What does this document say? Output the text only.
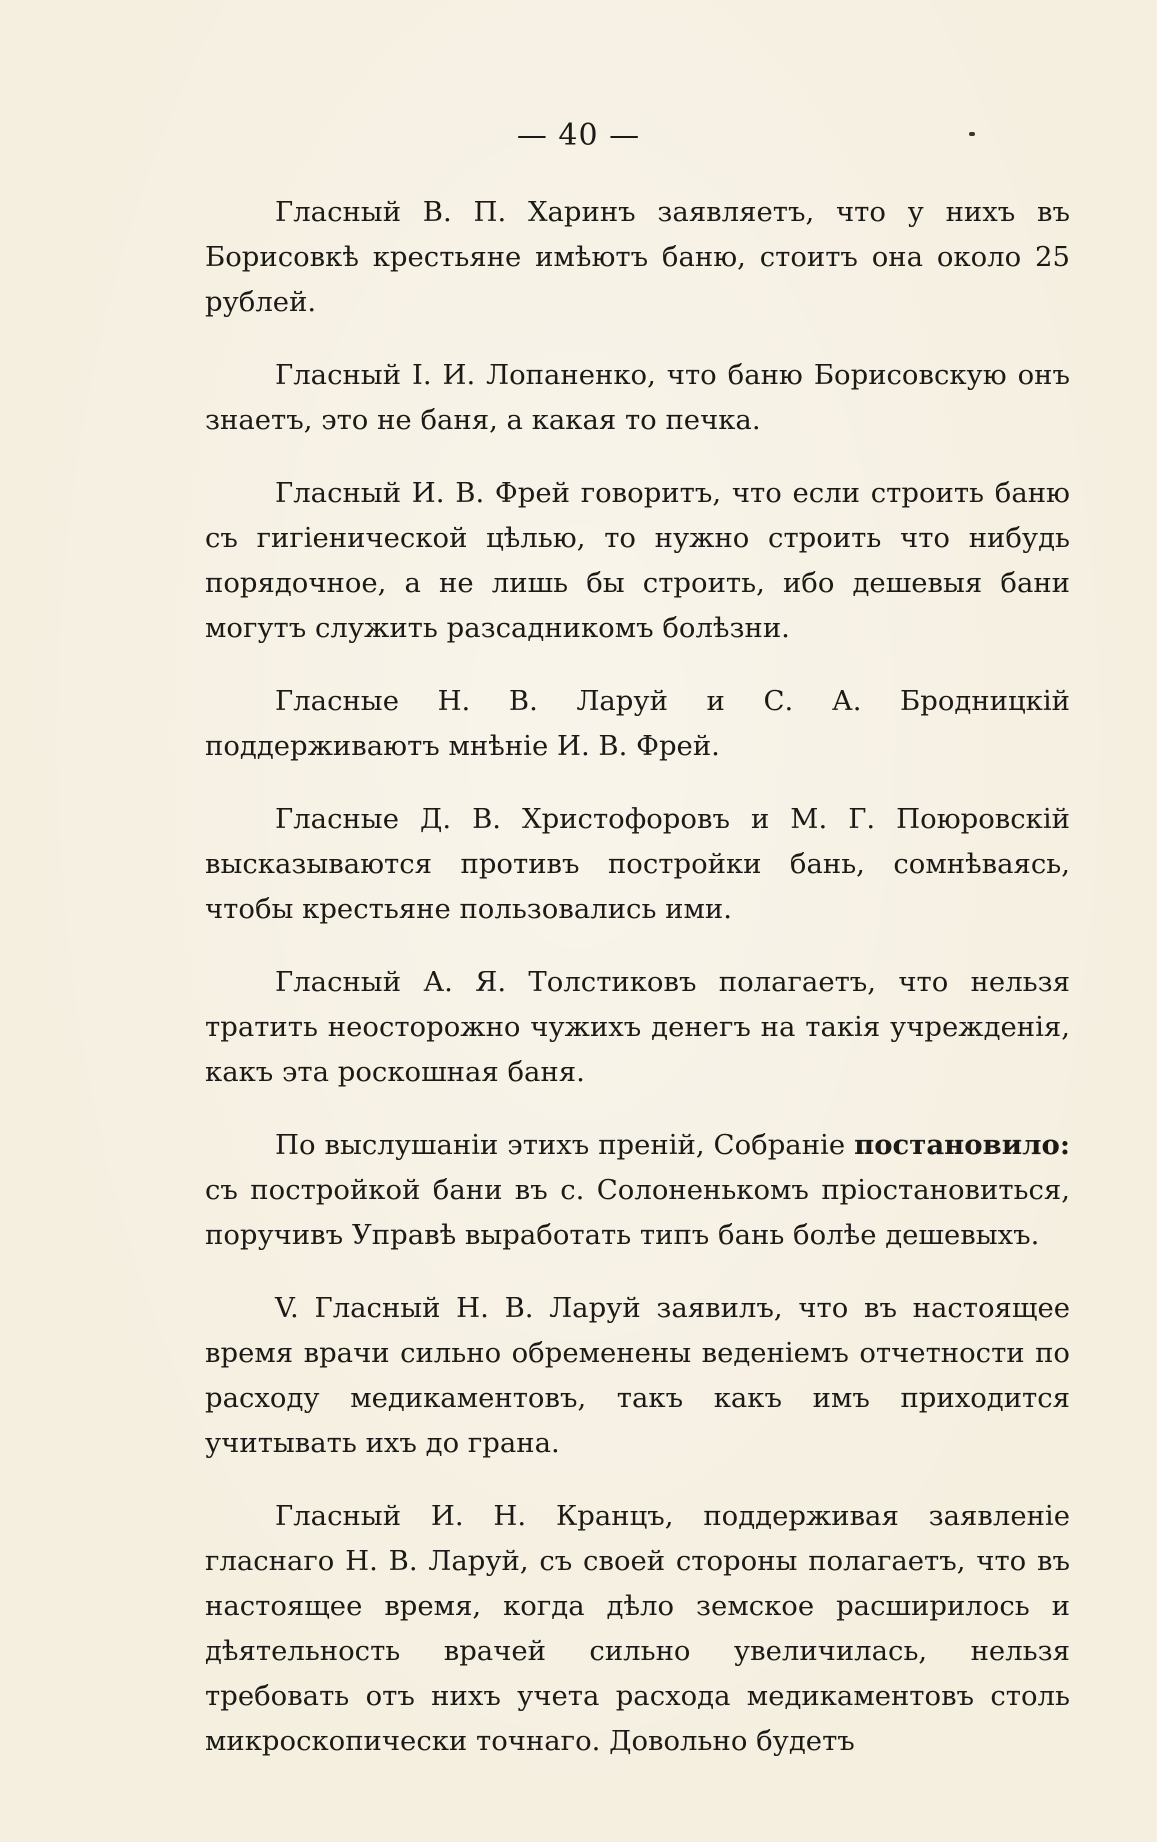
— 40 —

Гласный В. П. Харинъ заявляетъ, что у нихъ въ Борисовкѣ крестьяне имѣютъ баню, стоитъ она около 25 рублей.

Гласный І. И. Лопаненко, что баню Борисовскую онъ знаетъ, это не баня, а какая то печка.

Гласный И. В. Фрей говоритъ, что если строить баню съ гигіенической цѣлью, то нужно строить что нибудь порядочное, а не лишь бы строить, ибо дешевыя бани могутъ служить разсадникомъ болѣзни.

Гласные Н. В. Ларуй и С. А. Бродницкій поддерживаютъ мнѣніе И. В. Фрей.

Гласные Д. В. Христофоровъ и М. Г. Поюровскій высказываются противъ постройки бань, сомнѣваясь, чтобы крестьяне пользовались ими.

Гласный А. Я. Толстиковъ полагаетъ, что нельзя тратить неосторожно чужихъ денегъ на такія учрежденія, какъ эта роскошная баня.

По выслушаніи этихъ преній, Собраніе постановило: съ постройкой бани въ с. Солоненькомъ пріостановиться, поручивъ Управѣ выработать типъ бань болѣе дешевыхъ.

V. Гласный Н. В. Ларуй заявилъ, что въ настоящее время врачи сильно обременены веденіемъ отчетности по расходу медикаментовъ, такъ какъ имъ приходится учитывать ихъ до грана.

Гласный И. Н. Кранцъ, поддерживая заявленіе гласнаго Н. В. Ларуй, съ своей стороны полагаетъ, что въ настоящее время, когда дѣло земское расширилось и дѣятельность врачей сильно увеличилась, нельзя требовать отъ нихъ учета расхода медикаментовъ столь микроскопически точнаго. Довольно будетъ
